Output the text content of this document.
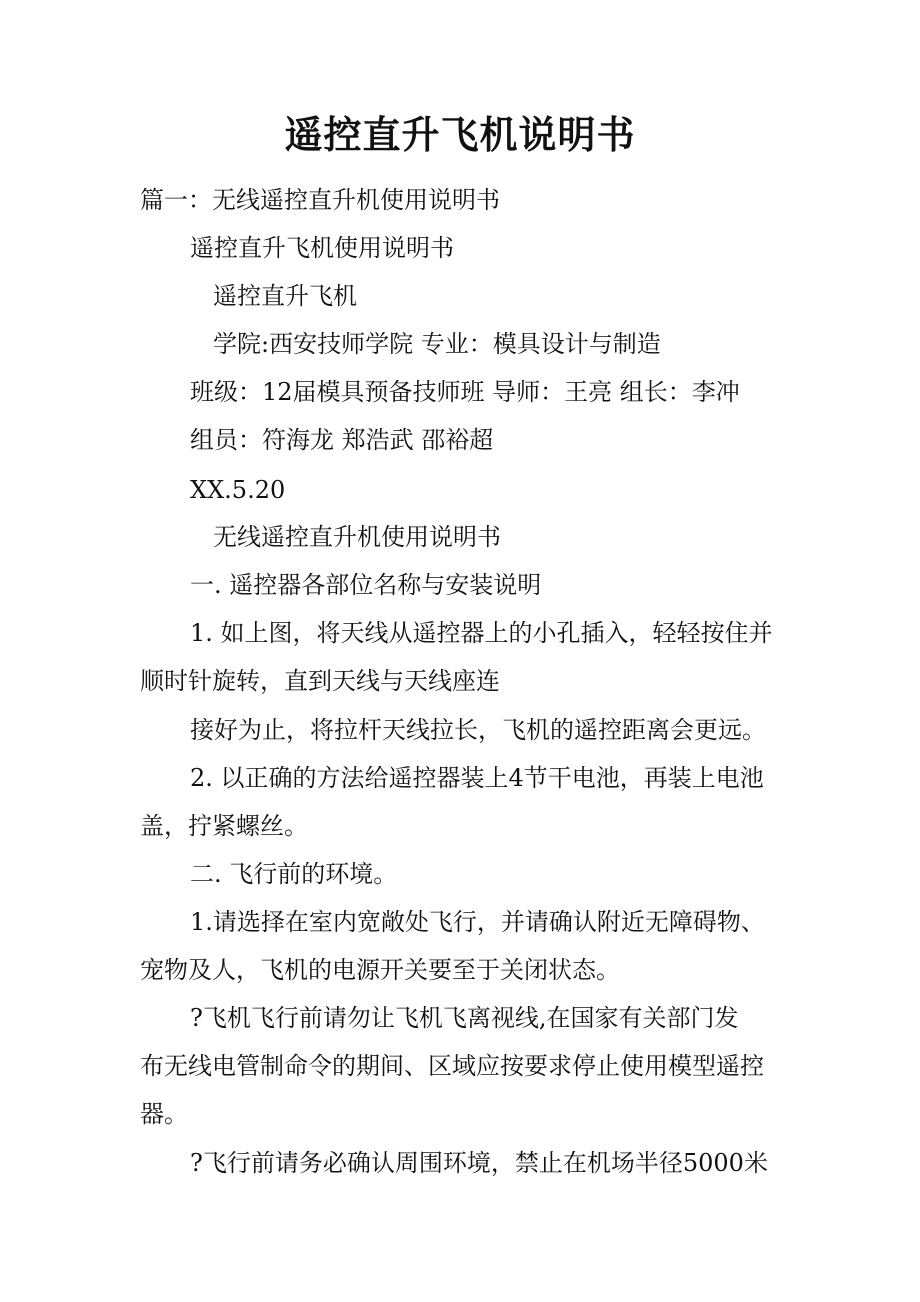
遥控直升飞机说明书
篇一：无线遥控直升机使用说明书
遥控直升飞机使用说明书
遥控直升飞机
学院:西安技师学院 专业：模具设计与制造
班级：12届模具预备技师班 导师：王亮 组长：李冲
组员：符海龙 郑浩武 邵裕超
XX.5.20
无线遥控直升机使用说明书
一. 遥控器各部位名称与安装说明
1. 如上图，将天线从遥控器上的小孔插入，轻轻按住并
顺时针旋转，直到天线与天线座连
接好为止，将拉杆天线拉长，飞机的遥控距离会更远。
2. 以正确的方法给遥控器装上4节干电池，再装上电池
盖，拧紧螺丝。
二. 飞行前的环境。
1.请选择在室内宽敞处飞行，并请确认附近无障碍物、
宠物及人，飞机的电源开关要至于关闭状态。
?飞机飞行前请勿让飞机飞离视线,在国家有关部门发
布无线电管制命令的期间、区域应按要求停止使用模型遥控
器。
?飞行前请务必确认周围环境，禁止在机场半径5000米
